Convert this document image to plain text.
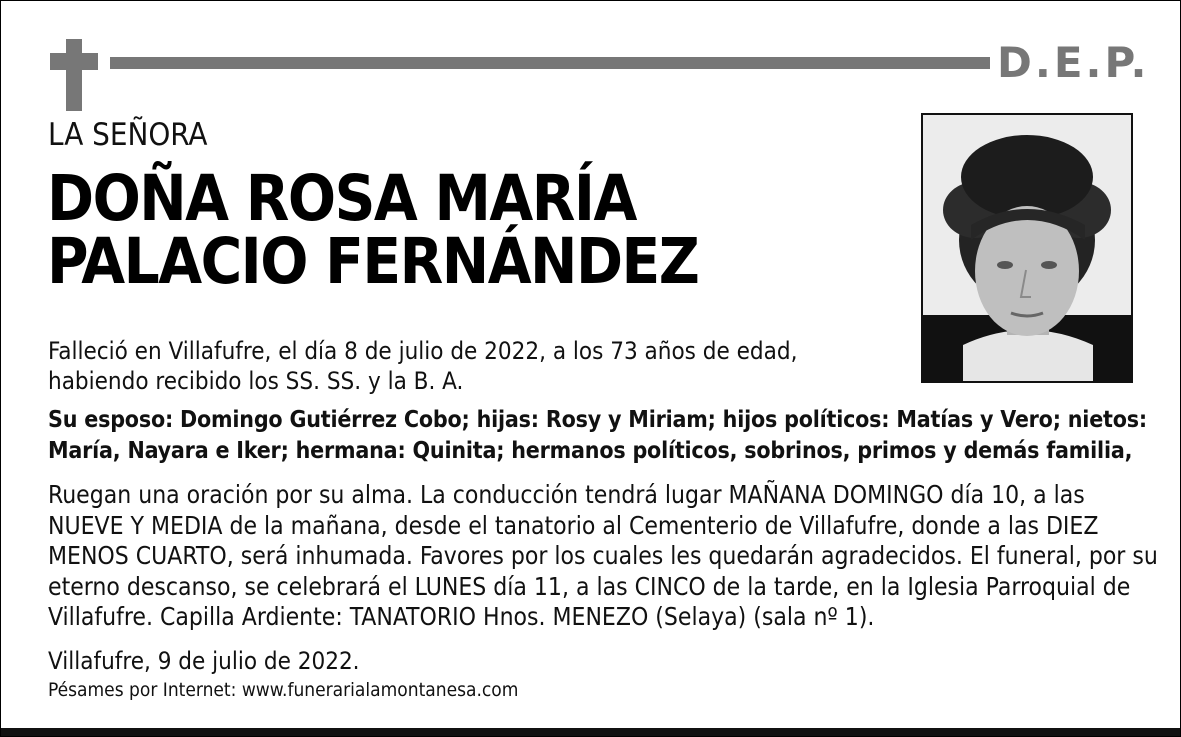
D.E.P.
LA SEÑORA
DOÑA ROSA MARÍA
PALACIO FERNÁNDEZ
Falleció en Villafufre, el día 8 de julio de 2022, a los 73 años de edad,
habiendo recibido los SS. SS. y la B. A.
Su esposo: Domingo Gutiérrez Cobo; hijas: Rosy y Miriam; hijos políticos: Matías y Vero; nietos: María, Nayara e Iker; hermana: Quinita; hermanos políticos, sobrinos, primos y demás familia,
Ruegan una oración por su alma. La conducción tendrá lugar MAÑANA DOMINGO día 10, a las NUEVE Y MEDIA de la mañana, desde el tanatorio al Cementerio de Villafufre, donde a las DIEZ MENOS CUARTO, será inhumada. Favores por los cuales les quedarán agradecidos. El funeral, por su eterno descanso, se celebrará el LUNES día 11, a las CINCO de la tarde, en la Iglesia Parroquial de Villafufre. Capilla Ardiente: TANATORIO Hnos. MENEZO (Selaya) (sala nº 1).
Villafufre, 9 de julio de 2022.
Pésames por Internet: www.funerarialamontanesa.com
